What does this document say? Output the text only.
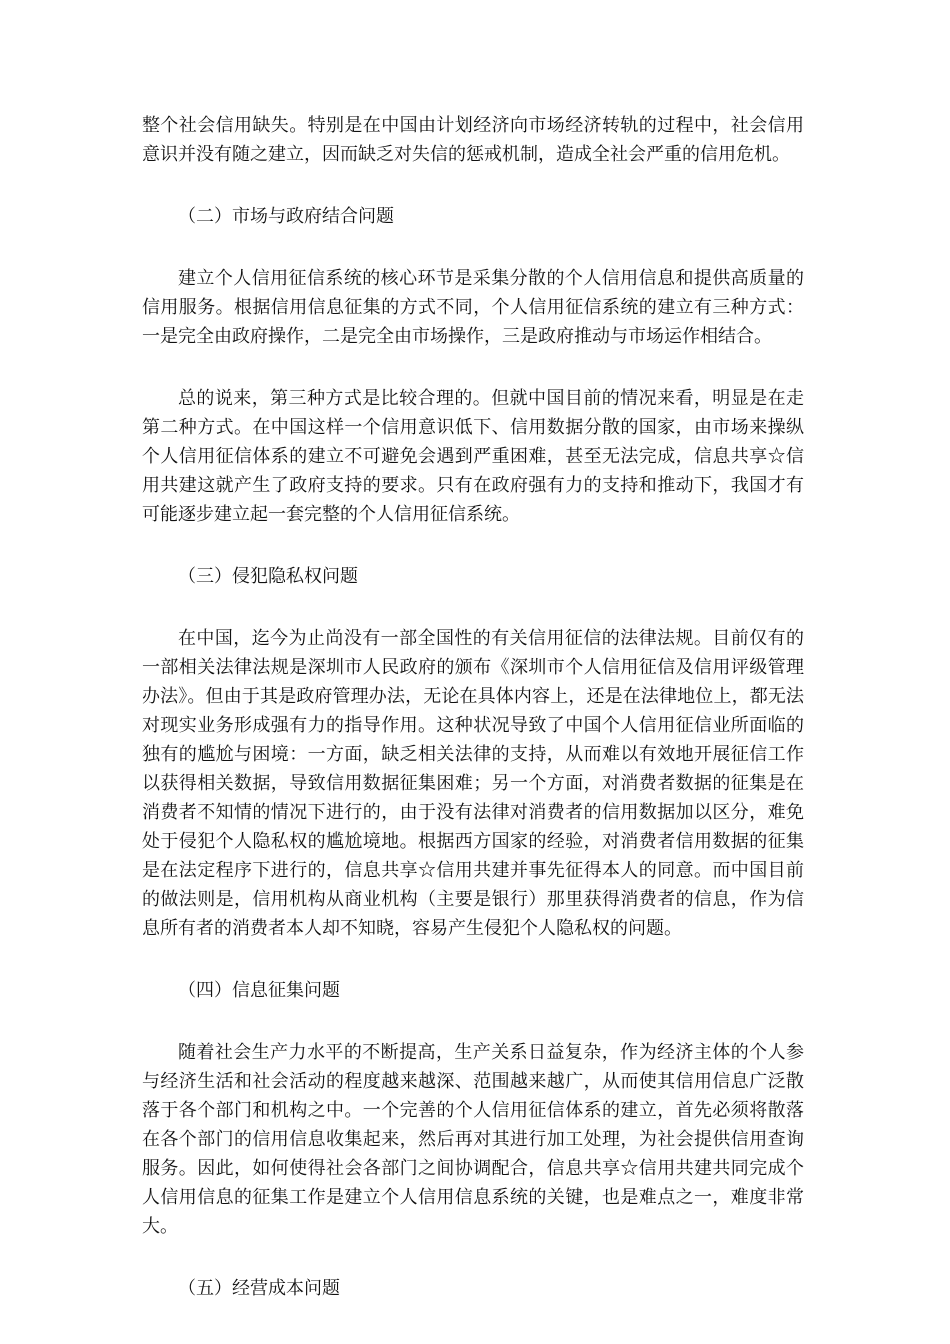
整个社会信用缺失。特别是在中国由计划经济向市场经济转轨的过程中，社会信用意识并没有随之建立，因而缺乏对失信的惩戒机制，造成全社会严重的信用危机。

（二）市场与政府结合问题

建立个人信用征信系统的核心环节是采集分散的个人信用信息和提供高质量的信用服务。根据信用信息征集的方式不同，个人信用征信系统的建立有三种方式：一是完全由政府操作，二是完全由市场操作，三是政府推动与市场运作相结合。

总的说来，第三种方式是比较合理的。但就中国目前的情况来看，明显是在走第二种方式。在中国这样一个信用意识低下、信用数据分散的国家，由市场来操纵个人信用征信体系的建立不可避免会遇到严重困难，甚至无法完成，信息共享☆信用共建这就产生了政府支持的要求。只有在政府强有力的支持和推动下，我国才有可能逐步建立起一套完整的个人信用征信系统。

（三）侵犯隐私权问题

在中国，迄今为止尚没有一部全国性的有关信用征信的法律法规。目前仅有的一部相关法律法规是深圳市人民政府的颁布《深圳市个人信用征信及信用评级管理办法》。但由于其是政府管理办法，无论在具体内容上，还是在法律地位上，都无法对现实业务形成强有力的指导作用。这种状况导致了中国个人信用征信业所面临的独有的尴尬与困境：一方面，缺乏相关法律的支持，从而难以有效地开展征信工作以获得相关数据，导致信用数据征集困难；另一个方面，对消费者数据的征集是在消费者不知情的情况下进行的，由于没有法律对消费者的信用数据加以区分，难免处于侵犯个人隐私权的尴尬境地。根据西方国家的经验，对消费者信用数据的征集是在法定程序下进行的，信息共享☆信用共建并事先征得本人的同意。而中国目前的做法则是，信用机构从商业机构（主要是银行）那里获得消费者的信息，作为信息所有者的消费者本人却不知晓，容易产生侵犯个人隐私权的问题。

（四）信息征集问题

随着社会生产力水平的不断提高，生产关系日益复杂，作为经济主体的个人参与经济生活和社会活动的程度越来越深、范围越来越广，从而使其信用信息广泛散落于各个部门和机构之中。一个完善的个人信用征信体系的建立，首先必须将散落在各个部门的信用信息收集起来，然后再对其进行加工处理，为社会提供信用查询服务。因此，如何使得社会各部门之间协调配合，信息共享☆信用共建共同完成个人信用信息的征集工作是建立个人信用信息系统的关键，也是难点之一，难度非常大。

（五）经营成本问题
